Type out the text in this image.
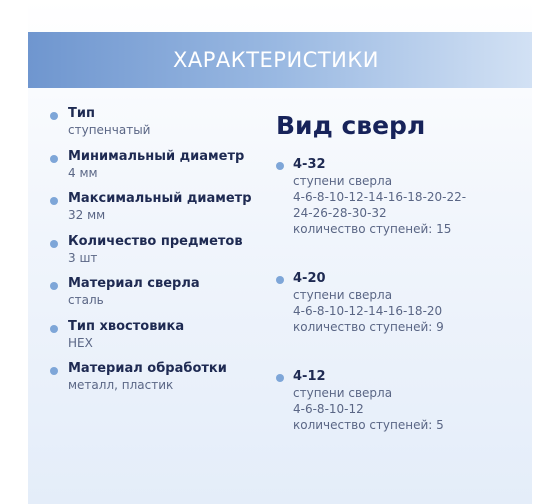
ХАРАКТЕРИСТИКИ
Тип
ступенчатый
Минимальный диаметр
4 мм
Максимальный диаметр
32 мм
Количество предметов
3 шт
Материал сверла
сталь
Тип хвостовика
HEX
Материал обработки
металл, пластик
Вид сверл
4-32
ступени сверла
4-6-8-10-12-14-16-18-20-22-
24-26-28-30-32
количество ступеней: 15
4-20
ступени сверла
4-6-8-10-12-14-16-18-20
количество ступеней: 9
4-12
ступени сверла
4-6-8-10-12
количество ступеней: 5
